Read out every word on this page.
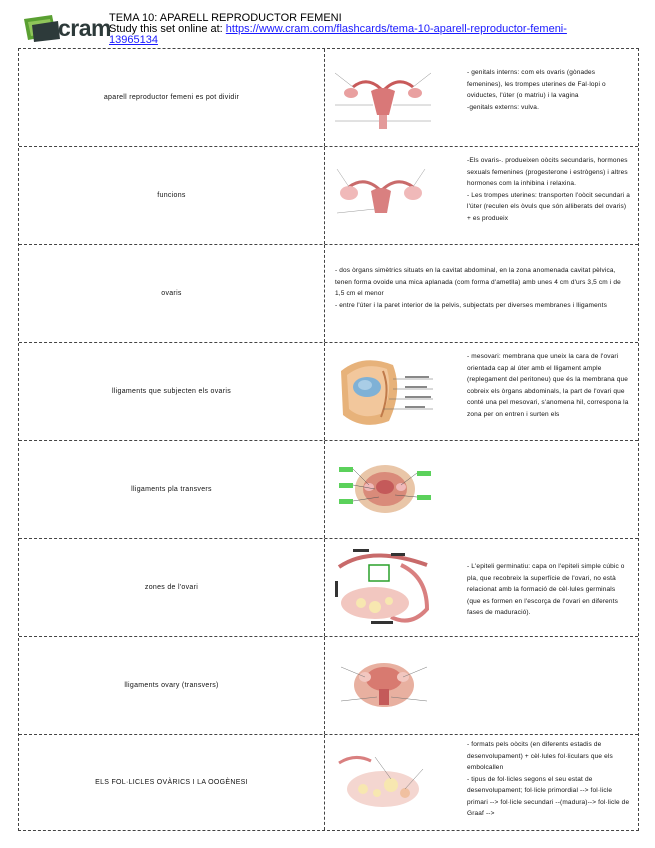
cram
TEMA 10: APARELL REPRODUCTOR FEMENI
Study this set online at: https://www.cram.com/flashcards/tema-10-aparell-reproductor-femeni-13965134
aparell reproductor femeni es pot dividir

- genitals interns: com els ovaris (gònades femenines), les trompes uterines de Fal·lopi o oviductes, l'úter (o matriu) i la vagina

-genitals externs: vulva.

funcions

-Els ovaris-. produeixen oòcits secundaris, hormones sexuals femenines (progesterone i estrògens) i altres hormones com la inhibina i relaxina.

- Les trompes uterines: transporten l'oòcit secundari a l'úter (reculen els òvuls que són alliberats del ovaris) + es produeix

ovaris

- dos òrgans simètrics situats en la cavitat abdominal, en la zona anomenada cavitat pèlvica, tenen forma ovoide una mica aplanada (com forma d'ametlla) amb unes 4 cm d'urs 3,5 cm i de 1,5 cm el menor

- entre l'úter i la paret interior de la pelvis, subjectats per diverses membranes i lligaments

lligaments que subjecten els ovaris

- mesovari: membrana que uneix la cara de l'ovari orientada cap al úter amb el lligament ample (replegament del peritoneu) que és la membrana que cobreix els òrgans abdominals, la part de l'ovari que conté una pel mesovari, s'anomena hil, correspona la zona per on entren i surten els

lligaments pla transvers
zones de l'ovari

- L'epiteli germinatiu: capa on l'epiteli simple cúbic o pla, que recobreix la superfície de l'ovari, no està relacionat amb la formació de cèl·lules germinals (que es formen en l'escorça de l'ovari en diferents fases de maduració).

lligaments ovary (transvers)
ELS FOL·LICLES OVÀRICS I LA OOGÈNESI

- formats pels oòcits (en diferents estadis de desenvolupament) + cèl·lules fol·liculars que els embolcallen

- tipus de fol·licles segons el seu estat de desenvolupament; fol·licle primordial --> fol·licle primari --> fol·licle secundari --(madura)--> fol·licle de Graaf -->
